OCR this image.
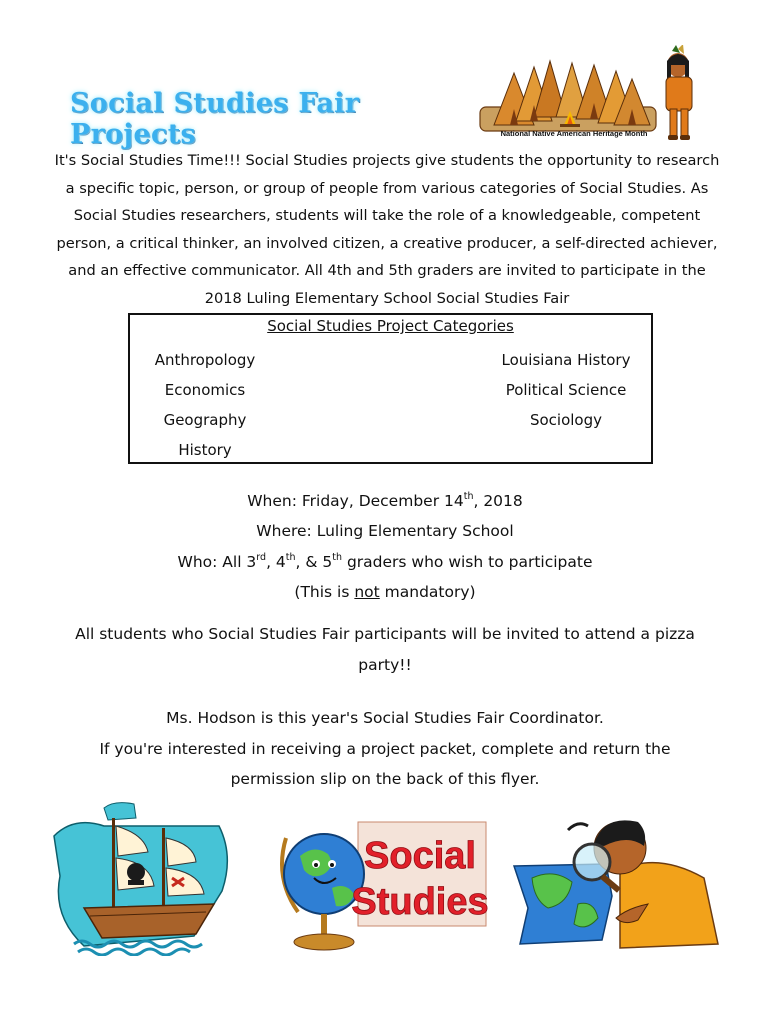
Social Studies Fair Projects	National Native American Heritage Month
It's Social Studies Time!!! Social Studies projects give students the opportunity to research
a specific topic, person, or group of people from various categories of Social Studies. As
Social Studies researchers, students will take the role of a knowledgeable, competent
person, a critical thinker, an involved citizen, a creative producer, a self-directed achiever,
and an effective communicator. All 4th and 5th graders are invited to participate in the
2018 Luling Elementary School Social Studies Fair
Social Studies Project Categories
Anthropology
Economics
Geography
History
Louisiana History
Political Science
Sociology
When: Friday, December 14th, 2018
Where: Luling Elementary School
Who: All 3rd, 4th, & 5th graders who wish to participate
(This is not mandatory)
All students who Social Studies Fair participants will be invited to attend a pizza
party!!
Ms. Hodson is this year's Social Studies Fair Coordinator.
If you're interested in receiving a project packet, complete and return the
permission slip on the back of this flyer.
Social
Studies
